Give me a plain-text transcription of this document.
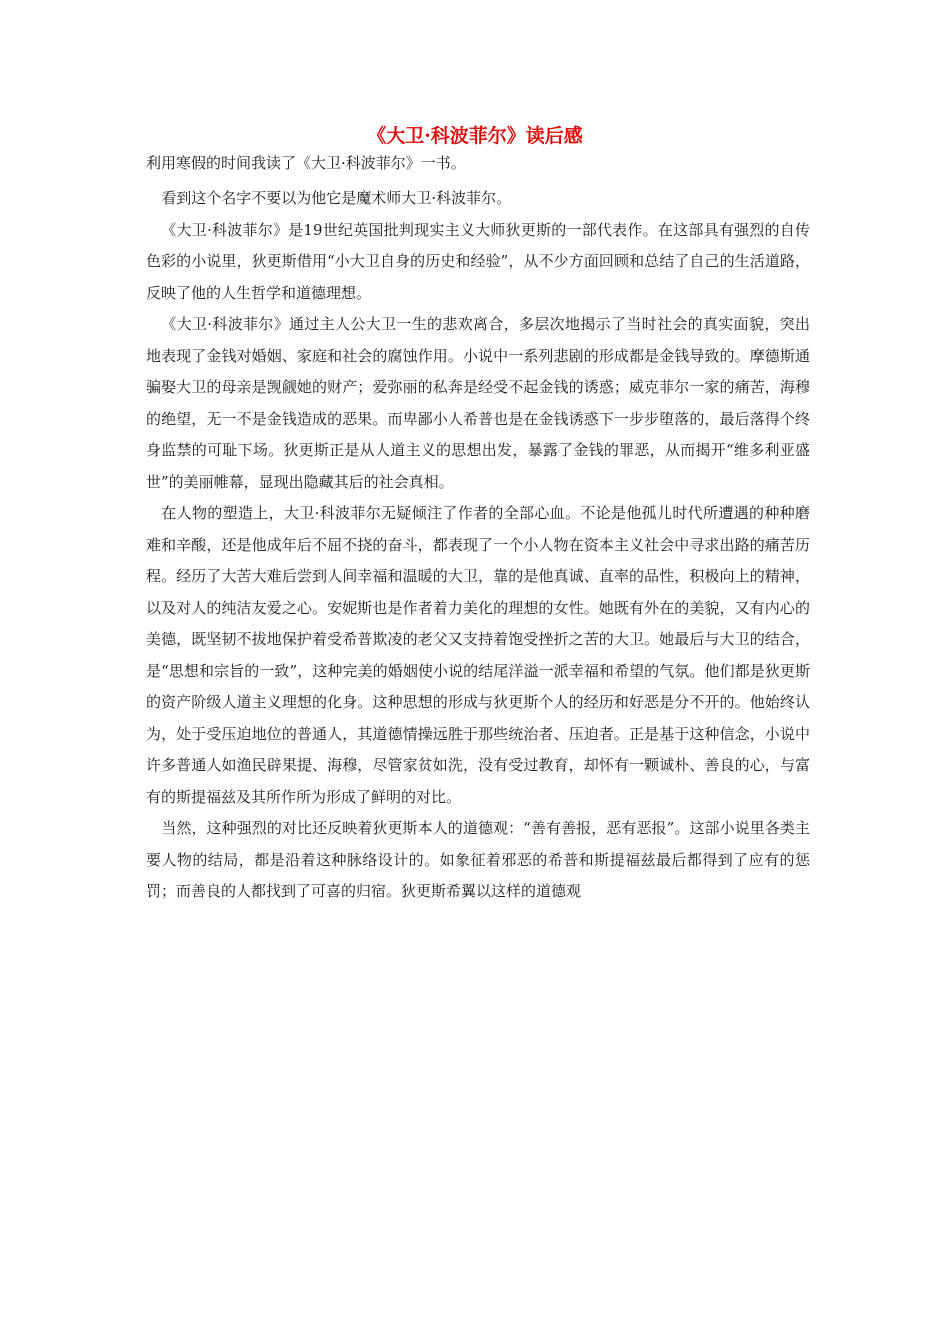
《大卫·科波菲尔》读后感

利用寒假的时间我读了《大卫·科波菲尔》一书。

看到这个名字不要以为他它是魔术师大卫·科波菲尔。

《大卫·科波菲尔》是19世纪英国批判现实主义大师狄更斯的一部代表作。在这部具有强烈的自传色彩的小说里，狄更斯借用“小大卫自身的历史和经验”，从不少方面回顾和总结了自己的生活道路，反映了他的人生哲学和道德理想。

《大卫·科波菲尔》通过主人公大卫一生的悲欢离合，多层次地揭示了当时社会的真实面貌，突出地表现了金钱对婚姻、家庭和社会的腐蚀作用。小说中一系列悲剧的形成都是金钱导致的。摩德斯通骗娶大卫的母亲是觊觎她的财产；爱弥丽的私奔是经受不起金钱的诱惑；威克菲尔一家的痛苦，海穆的绝望，无一不是金钱造成的恶果。而卑鄙小人希普也是在金钱诱惑下一步步堕落的，最后落得个终身监禁的可耻下场。狄更斯正是从人道主义的思想出发，暴露了金钱的罪恶，从而揭开“维多利亚盛世”的美丽帷幕，显现出隐藏其后的社会真相。

在人物的塑造上，大卫·科波菲尔无疑倾注了作者的全部心血。不论是他孤儿时代所遭遇的种种磨难和辛酸，还是他成年后不屈不挠的奋斗，都表现了一个小人物在资本主义社会中寻求出路的痛苦历程。经历了大苦大难后尝到人间幸福和温暖的大卫，靠的是他真诚、直率的品性，积极向上的精神，以及对人的纯洁友爱之心。安妮斯也是作者着力美化的理想的女性。她既有外在的美貌，又有内心的美德，既坚韧不拔地保护着受希普欺凌的老父又支持着饱受挫折之苦的大卫。她最后与大卫的结合，是“思想和宗旨的一致”，这种完美的婚姻使小说的结尾洋溢一派幸福和希望的气氛。他们都是狄更斯的资产阶级人道主义理想的化身。这种思想的形成与狄更斯个人的经历和好恶是分不开的。他始终认为，处于受压迫地位的普通人，其道德情操远胜于那些统治者、压迫者。正是基于这种信念，小说中许多普通人如渔民辟果提、海穆，尽管家贫如洗，没有受过教育，却怀有一颗诚朴、善良的心，与富有的斯提福兹及其所作所为形成了鲜明的对比。

当然，这种强烈的对比还反映着狄更斯本人的道德观：“善有善报，恶有恶报”。这部小说里各类主要人物的结局，都是沿着这种脉络设计的。如象征着邪恶的希普和斯提福兹最后都得到了应有的惩罚；而善良的人都找到了可喜的归宿。狄更斯希翼以这样的道德观
